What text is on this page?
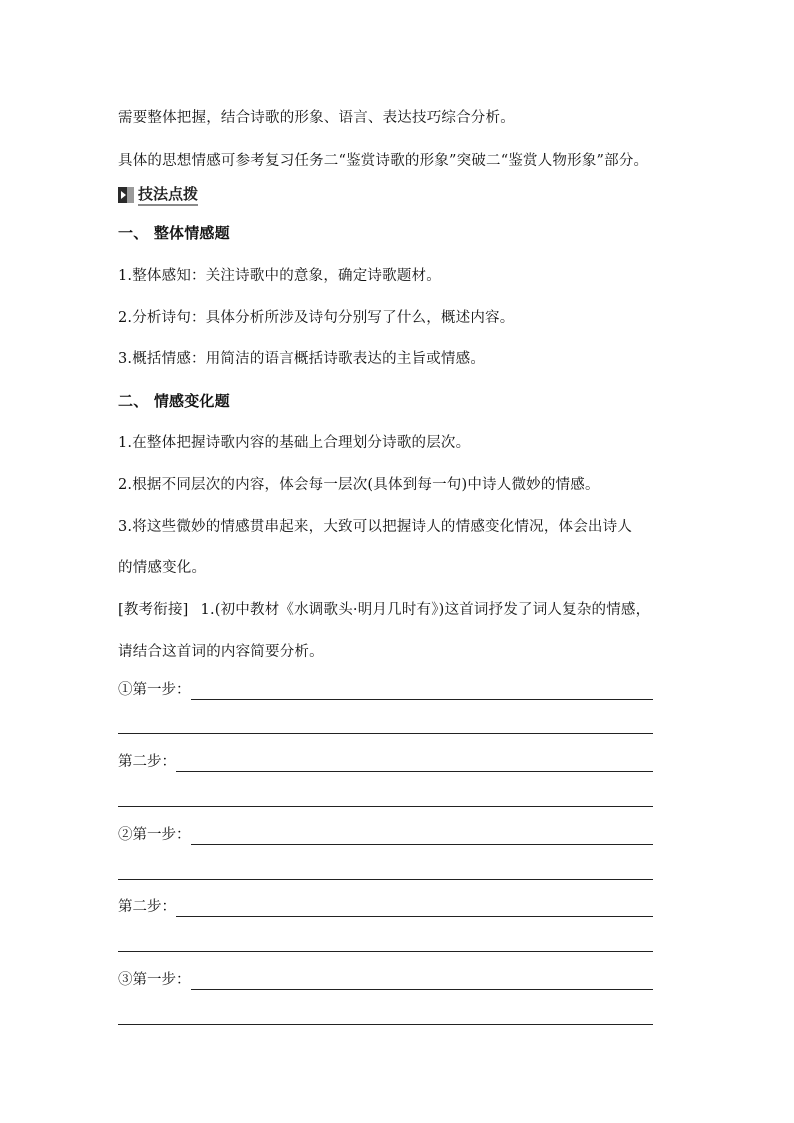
需要整体把握，结合诗歌的形象、语言、表达技巧综合分析。
具体的思想情感可参考复习任务二“鉴赏诗歌的形象”突破二“鉴赏人物形象”部分。
技法点拨
一、 整体情感题
1.整体感知：关注诗歌中的意象，确定诗歌题材。
2.分析诗句：具体分析所涉及诗句分别写了什么，概述内容。
3.概括情感：用简洁的语言概括诗歌表达的主旨或情感。
二、 情感变化题
1.在整体把握诗歌内容的基础上合理划分诗歌的层次。
2.根据不同层次的内容，体会每一层次(具体到每一句)中诗人微妙的情感。
3.将这些微妙的情感贯串起来，大致可以把握诗人的情感变化情况，体会出诗人
的情感变化。
[教考衔接] 1.(初中教材《水调歌头·明月几时有》)这首词抒发了词人复杂的情感，
请结合这首词的内容简要分析。
①第一步：
第二步：
②第一步：
第二步：
③第一步：
